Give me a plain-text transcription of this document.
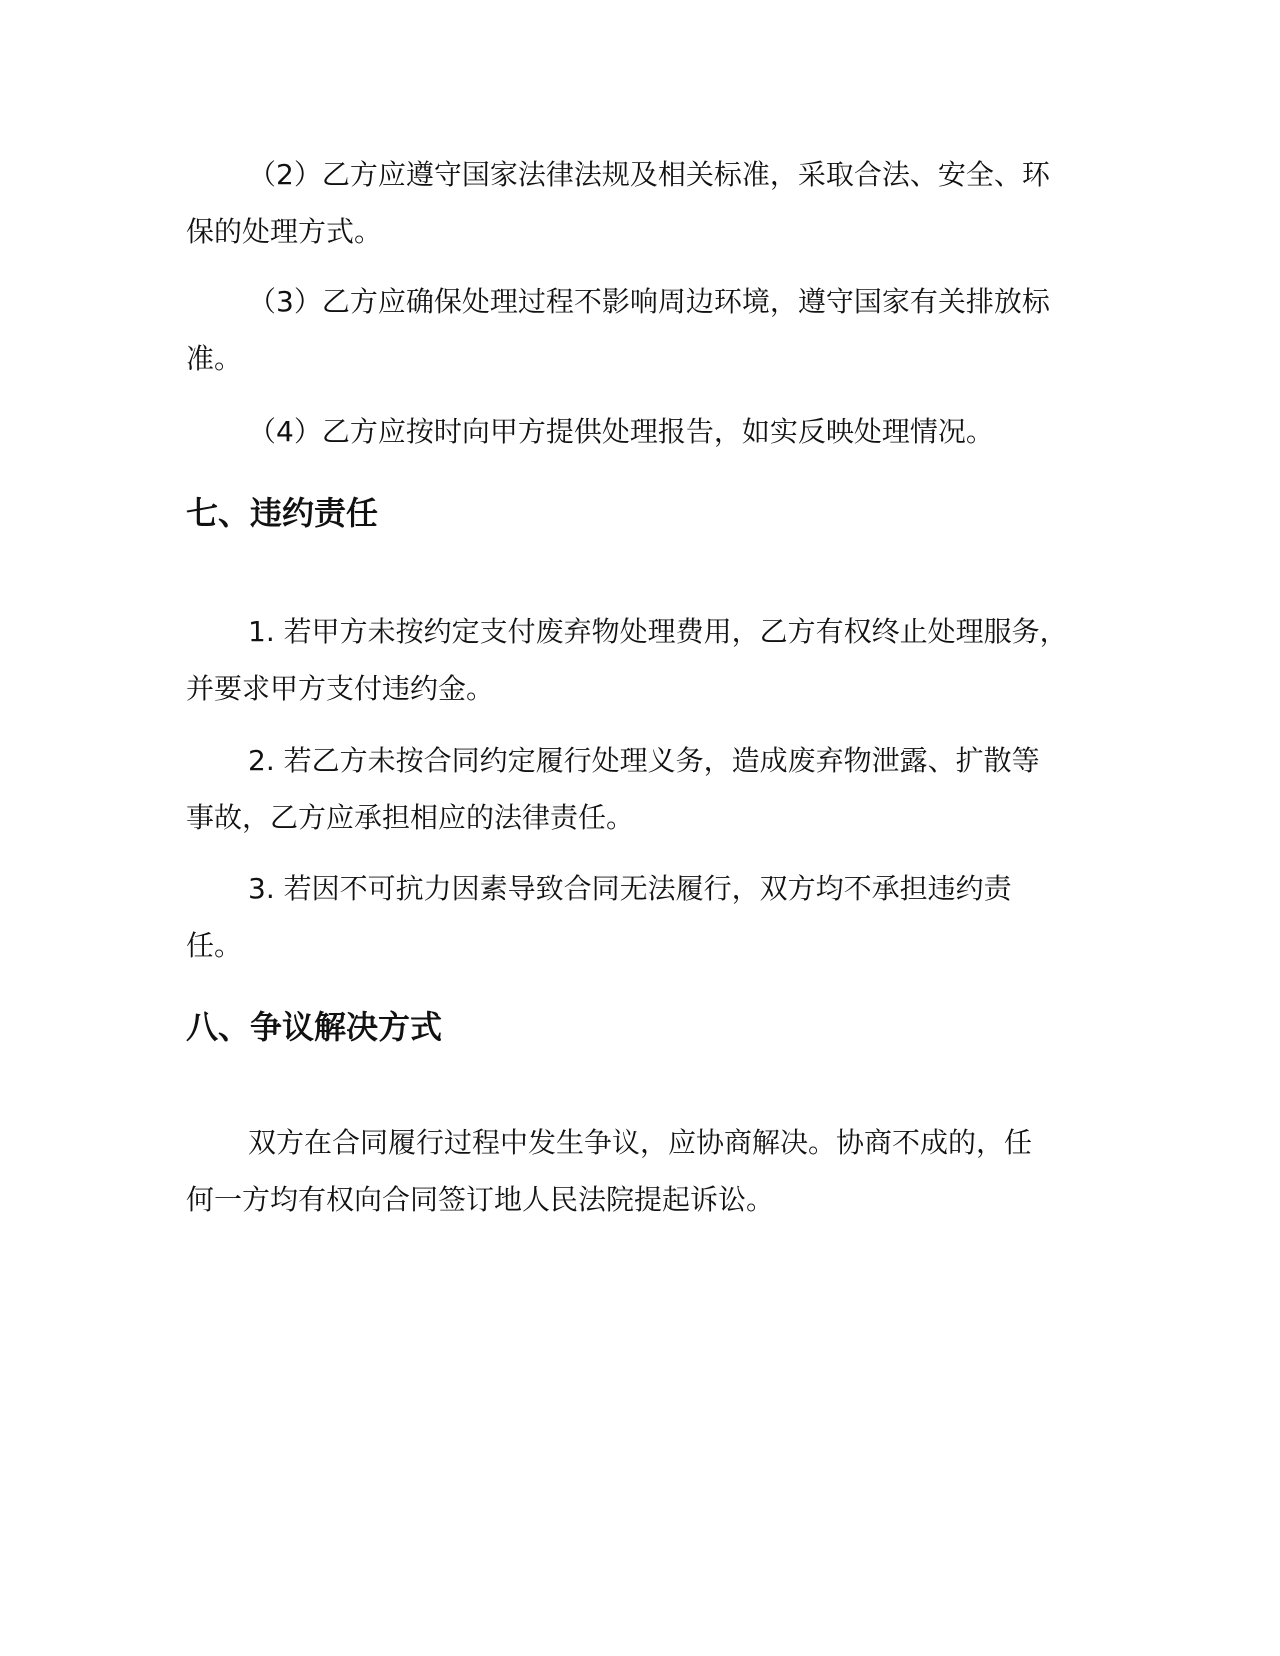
（2）乙方应遵守国家法律法规及相关标准，采取合法、安全、环
保的处理方式。
（3）乙方应确保处理过程不影响周边环境，遵守国家有关排放标
准。
（4）乙方应按时向甲方提供处理报告，如实反映处理情况。
七、违约责任
1. 若甲方未按约定支付废弃物处理费用，乙方有权终止处理服务，
并要求甲方支付违约金。
2. 若乙方未按合同约定履行处理义务，造成废弃物泄露、扩散等
事故，乙方应承担相应的法律责任。
3. 若因不可抗力因素导致合同无法履行，双方均不承担违约责
任。
八、争议解决方式
双方在合同履行过程中发生争议，应协商解决。协商不成的，任
何一方均有权向合同签订地人民法院提起诉讼。
